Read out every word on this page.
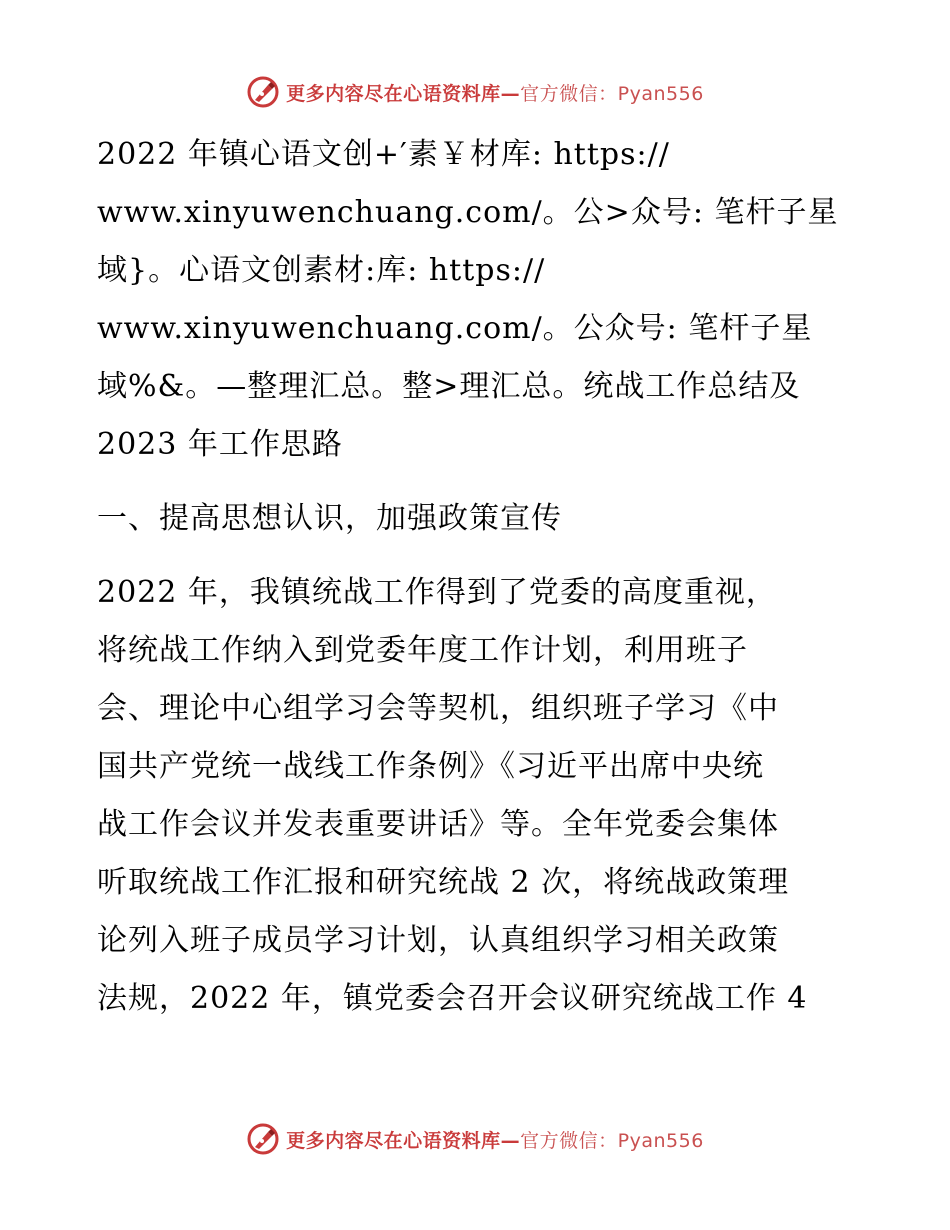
更多内容尽在心语资料库—官方微信：Pyan556
2022 年镇心语文创+′素￥材库: https://
www.xinyuwenchuang.com/。公>众号: 笔杆子星
域}。心语文创素材:库: https://
www.xinyuwenchuang.com/。公众号: 笔杆子星
域%&。—整理汇总。整>理汇总。统战工作总结及
2023 年工作思路
一、提高思想认识，加强政策宣传
2022 年，我镇统战工作得到了党委的高度重视，
将统战工作纳入到党委年度工作计划，利用班子
会、理论中心组学习会等契机，组织班子学习《中
国共产党统一战线工作条例》《习近平出席中央统
战工作会议并发表重要讲话》等。全年党委会集体
听取统战工作汇报和研究统战 2 次，将统战政策理
论列入班子成员学习计划，认真组织学习相关政策
法规，2022 年，镇党委会召开会议研究统战工作 4
更多内容尽在心语资料库—官方微信：Pyan556
